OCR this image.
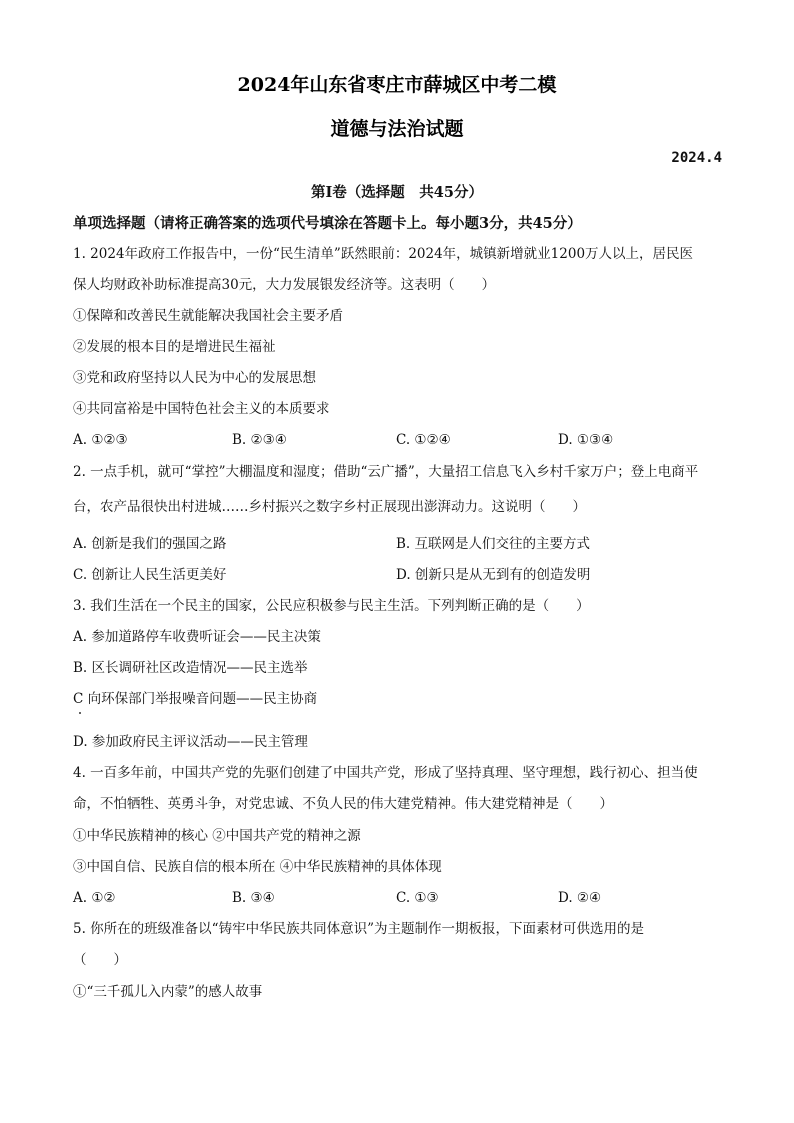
2024年山东省枣庄市薛城区中考二模
道德与法治试题
2024.4
第Ⅰ卷（选择题　共45分）
单项选择题（请将正确答案的选项代号填涂在答题卡上。每小题3分，共45分）
1. 2024年政府工作报告中，一份“民生清单”跃然眼前：2024年，城镇新增就业1200万人以上，居民医
保人均财政补助标准提高30元，大力发展银发经济等。这表明（　　）
①保障和改善民生就能解决我国社会主要矛盾
②发展的根本目的是增进民生福祉
③党和政府坚持以人民为中心的发展思想
④共同富裕是中国特色社会主义的本质要求
A. ①②③	B. ②③④	C. ①②④	D. ①③④
2. 一点手机，就可“掌控”大棚温度和湿度；借助“云广播”，大量招工信息飞入乡村千家万户；登上电商平
台，农产品很快出村进城……乡村振兴之数字乡村正展现出澎湃动力。这说明（　　）
A. 创新是我们的强国之路	B. 互联网是人们交往的主要方式
C. 创新让人民生活更美好	D. 创新只是从无到有的创造发明
3. 我们生活在一个民主的国家，公民应积极参与民主生活。下列判断正确的是（　　）
A. 参加道路停车收费听证会——民主决策
B. 区长调研社区改造情况——民主选举
C 向环保部门举报噪音问题——民主协商
D. 参加政府民主评议活动——民主管理
4. 一百多年前，中国共产党的先驱们创建了中国共产党，形成了坚持真理、坚守理想，践行初心、担当使
命，不怕牺牲、英勇斗争，对党忠诚、不负人民的伟大建党精神。伟大建党精神是（　　）
①中华民族精神的核心 ②中国共产党的精神之源
③中国自信、民族自信的根本所在 ④中华民族精神的具体体现
A. ①②	B. ③④	C. ①③	D. ②④
5. 你所在的班级准备以“铸牢中华民族共同体意识”为主题制作一期板报，下面素材可供选用的是
（　　）
①“三千孤儿入内蒙”的感人故事
